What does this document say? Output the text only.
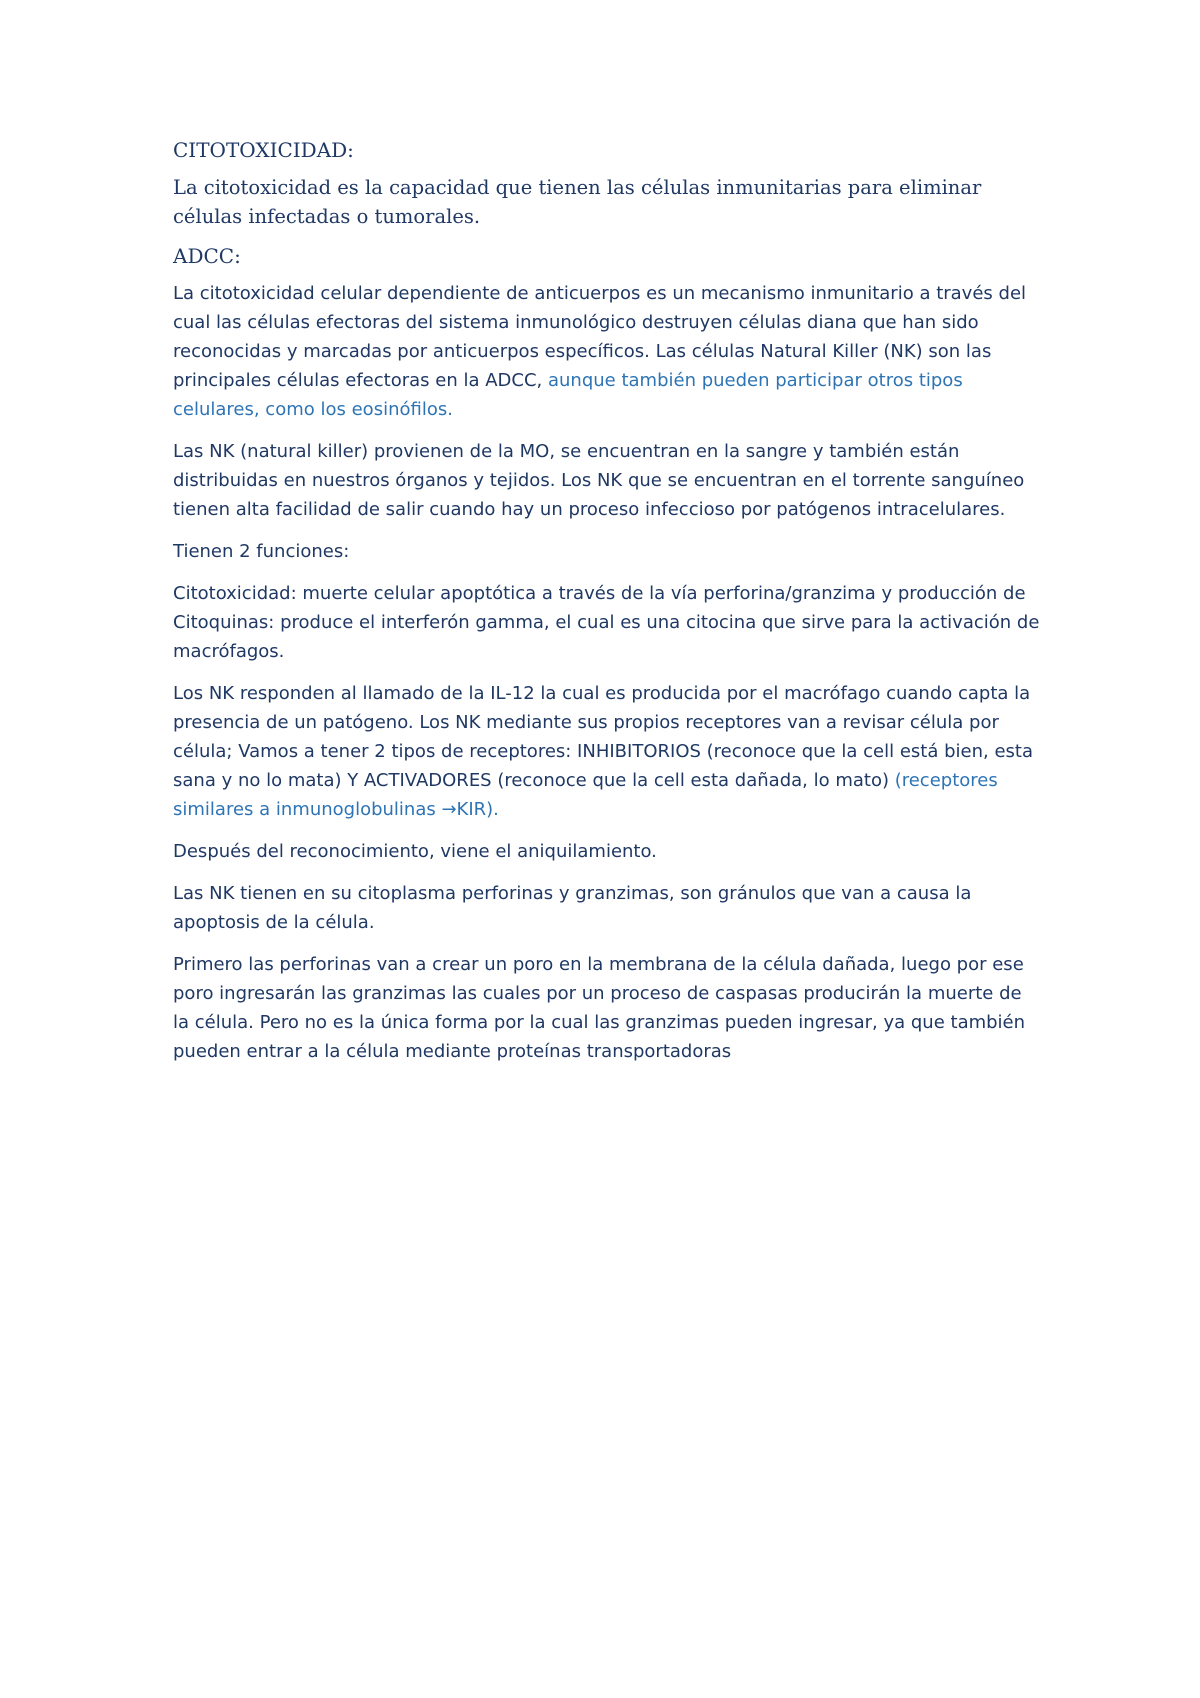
CITOTOXICIDAD:

La citotoxicidad es la capacidad que tienen las células inmunitarias para eliminar células infectadas o tumorales.

ADCC:

La citotoxicidad celular dependiente de anticuerpos es un mecanismo inmunitario a través del cual las células efectoras del sistema inmunológico destruyen células diana que han sido reconocidas y marcadas por anticuerpos específicos. Las células Natural Killer (NK) son las principales células efectoras en la ADCC, aunque también pueden participar otros tipos celulares, como los eosinófilos.

Las NK (natural killer) provienen de la MO, se encuentran en la sangre y también están distribuidas en nuestros órganos y tejidos. Los NK que se encuentran en el torrente sanguíneo tienen alta facilidad de salir cuando hay un proceso infeccioso por patógenos intracelulares.

Tienen 2 funciones:

Citotoxicidad: muerte celular apoptótica a través de la vía perforina/granzima y producción de Citoquinas: produce el interferón gamma, el cual es una citocina que sirve para la activación de macrófagos.

Los NK responden al llamado de la IL-12 la cual es producida por el macrófago cuando capta la presencia de un patógeno. Los NK mediante sus propios receptores van a revisar célula por célula; Vamos a tener 2 tipos de receptores: INHIBITORIOS (reconoce que la cell está bien, esta sana y no lo mata) Y ACTIVADORES (reconoce que la cell esta dañada, lo mato) (receptores similares a inmunoglobulinas →KIR).

Después del reconocimiento, viene el aniquilamiento.

Las NK tienen en su citoplasma perforinas y granzimas, son gránulos que van a causa la apoptosis de la célula.

Primero las perforinas van a crear un poro en la membrana de la célula dañada, luego por ese poro ingresarán las granzimas las cuales por un proceso de caspasas producirán la muerte de la célula. Pero no es la única forma por la cual las granzimas pueden ingresar, ya que también pueden entrar a la célula mediante proteínas transportadoras
